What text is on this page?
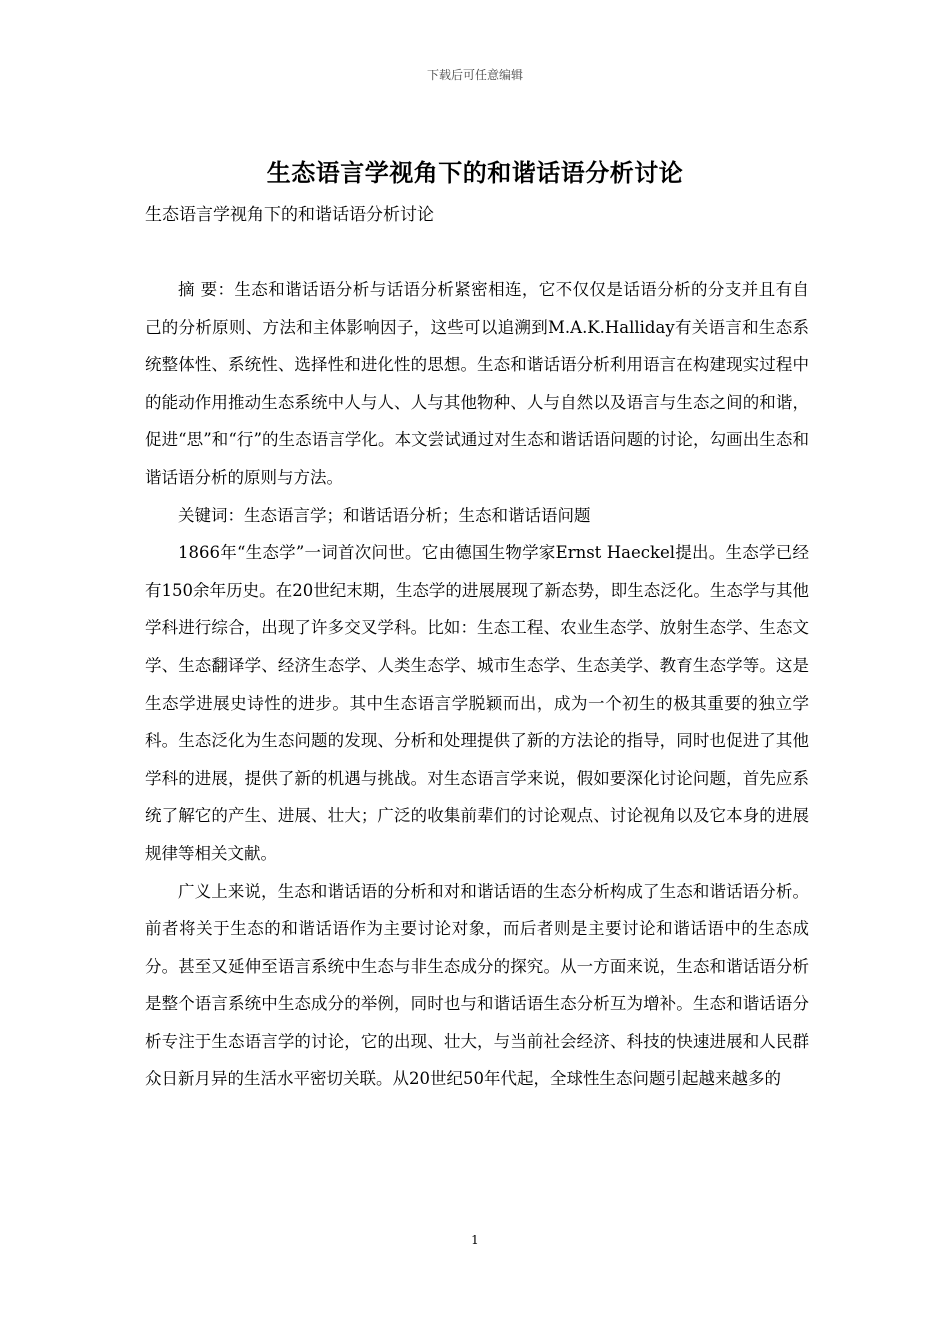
下载后可任意编辑
生态语言学视角下的和谐话语分析讨论
生态语言学视角下的和谐话语分析讨论

摘 要：生态和谐话语分析与话语分析紧密相连，它不仅仅是话语分析的分支并且有自己的分析原则、方法和主体影响因子，这些可以追溯到M.A.K.Halliday有关语言和生态系统整体性、系统性、选择性和进化性的思想。生态和谐话语分析利用语言在构建现实过程中的能动作用推动生态系统中人与人、人与其他物种、人与自然以及语言与生态之间的和谐，促进“思”和“行”的生态语言学化。本文尝试通过对生态和谐话语问题的讨论，勾画出生态和谐话语分析的原则与方法。

关键词：生态语言学；和谐话语分析；生态和谐话语问题

1866年“生态学”一词首次问世。它由德国生物学家Ernst Haeckel提出。生态学已经有150余年历史。在20世纪末期，生态学的进展展现了新态势，即生态泛化。生态学与其他学科进行综合，出现了许多交叉学科。比如：生态工程、农业生态学、放射生态学、生态文学、生态翻译学、经济生态学、人类生态学、城市生态学、生态美学、教育生态学等。这是生态学进展史诗性的进步。其中生态语言学脱颖而出，成为一个初生的极其重要的独立学科。生态泛化为生态问题的发现、分析和处理提供了新的方法论的指导，同时也促进了其他学科的进展，提供了新的机遇与挑战。对生态语言学来说，假如要深化讨论问题，首先应系统了解它的产生、进展、壮大；广泛的收集前辈们的讨论观点、讨论视角以及它本身的进展规律等相关文献。

广义上来说，生态和谐话语的分析和对和谐话语的生态分析构成了生态和谐话语分析。前者将关于生态的和谐话语作为主要讨论对象，而后者则是主要讨论和谐话语中的生态成分。甚至又延伸至语言系统中生态与非生态成分的探究。从一方面来说，生态和谐话语分析是整个语言系统中生态成分的举例，同时也与和谐话语生态分析互为增补。生态和谐话语分析专注于生态语言学的讨论，它的出现、壮大，与当前社会经济、科技的快速进展和人民群众日新月异的生活水平密切关联。从20世纪50年代起，全球性生态问题引起越来越多的

1
